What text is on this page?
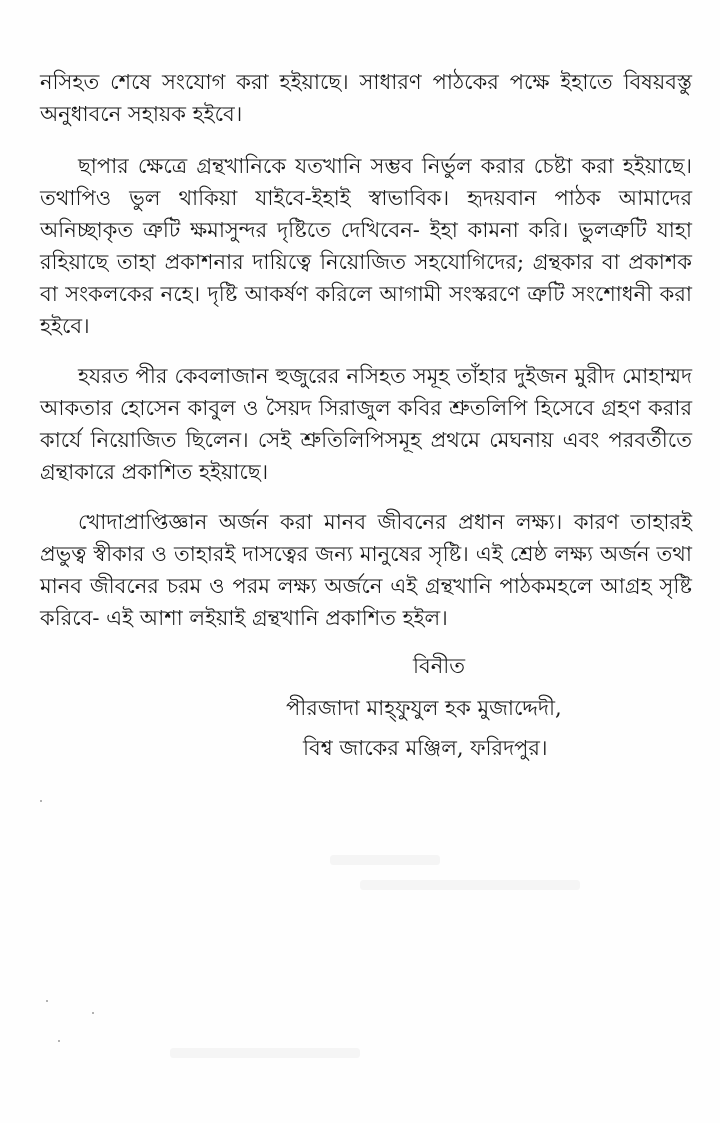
নসিহত শেষে সংযোগ করা হইয়াছে। সাধারণ পাঠকের পক্ষে ইহাতে বিষয়বস্তু অনুধাবনে সহায়ক হইবে।

ছাপার ক্ষেত্রে গ্রন্থখানিকে যতখানি সম্ভব নির্ভুল করার চেষ্টা করা হইয়াছে। তথাপিও ভুল থাকিয়া যাইবে-ইহাই স্বাভাবিক। হৃদয়বান পাঠক আমাদের অনিচ্ছাকৃত ত্রুটি ক্ষমাসুন্দর দৃষ্টিতে দেখিবেন- ইহা কামনা করি। ভুলত্রুটি যাহা রহিয়াছে তাহা প্রকাশনার দায়িত্বে নিয়োজিত সহযোগিদের; গ্রন্থকার বা প্রকাশক বা সংকলকের নহে। দৃষ্টি আকর্ষণ করিলে আগামী সংস্করণে ত্রুটি সংশোধনী করা হইবে।

হযরত পীর কেবলাজান হুজুরের নসিহত সমূহ তাঁহার দুইজন মুরীদ মোহাম্মদ আকতার হোসেন কাবুল ও সৈয়দ সিরাজুল কবির শ্রুতলিপি হিসেবে গ্রহণ করার কার্যে নিয়োজিত ছিলেন। সেই শ্রুতিলিপিসমূহ প্রথমে মেঘনায় এবং পরবর্তীতে গ্রন্থাকারে প্রকাশিত হইয়াছে।

খোদাপ্রাপ্তিজ্ঞান অর্জন করা মানব জীবনের প্রধান লক্ষ্য। কারণ তাহারই প্রভুত্ব স্বীকার ও তাহারই দাসত্বের জন্য মানুষের সৃষ্টি। এই শ্রেষ্ঠ লক্ষ্য অর্জন তথা মানব জীবনের চরম ও পরম লক্ষ্য অর্জনে এই গ্রন্থখানি পাঠকমহলে আগ্রহ সৃষ্টি করিবে- এই আশা লইয়াই গ্রন্থখানি প্রকাশিত হইল।

বিনীত
পীরজাদা মাহ্‌ফুযুল হক মুজাদ্দেদী,
বিশ্ব জাকের মঞ্জিল, ফরিদপুর।
